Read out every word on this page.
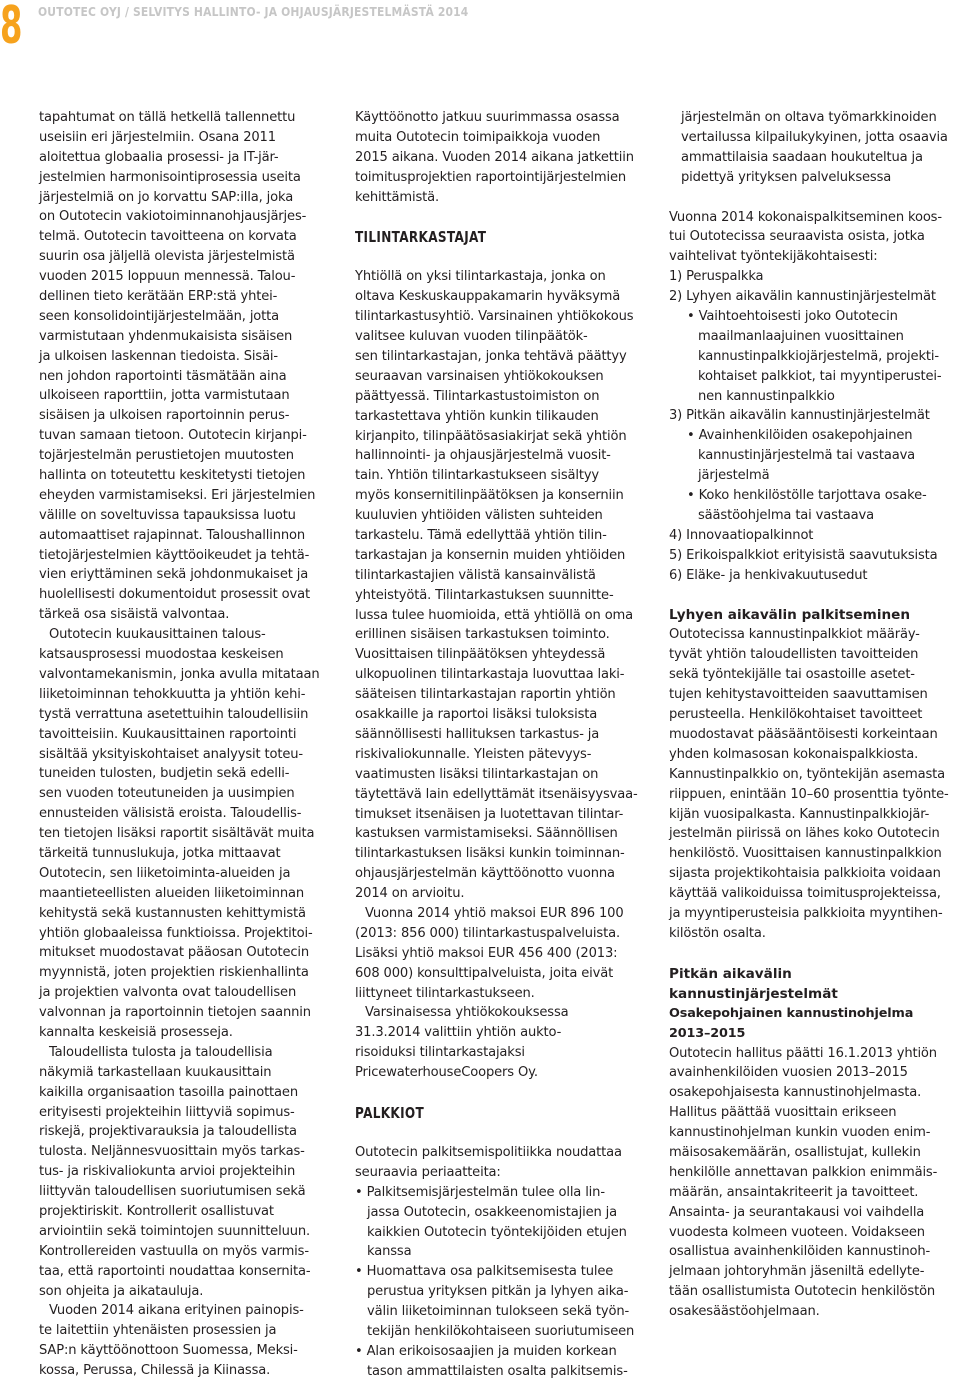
8 OUTOTEC OYJ / SELVITYS HALLINTO- JA OHJAUSJÄRJESTELMÄSTÄ 2014
tapahtumat on tällä hetkellä tallennettu
useisiin eri järjestelmiin. Osana 2011
aloitettua globaalia prosessi- ja IT-jär-
jestelmien harmonisointiprosessia useita
järjestelmiä on jo korvattu SAP:illa, joka
on Outotecin vakiotoiminnanohjausjärjes-
telmä. Outotecin tavoitteena on korvata
suurin osa jäljellä olevista järjestelmistä
vuoden 2015 loppuun mennessä. Talou-
dellinen tieto kerätään ERP:stä yhtei-
seen konsolidointijärjestelmään, jotta
varmistutaan yhdenmukaisista sisäisen
ja ulkoisen laskennan tiedoista. Sisäi-
nen johdon raportointi täsmätään aina
ulkoiseen raporttiin, jotta varmistutaan
sisäisen ja ulkoisen raportoinnin perus-
tuvan samaan tietoon. Outotecin kirjanpi-
tojärjestelmän perustietojen muutosten
hallinta on toteutettu keskitetysti tietojen
eheyden varmistamiseksi. Eri järjestelmien
välille on soveltuvissa tapauksissa luotu
automaattiset rajapinnat. Taloushallinnon
tietojärjestelmien käyttöoikeudet ja tehtä-
vien eriyttäminen sekä johdonmukaiset ja
huolellisesti dokumentoidut prosessit ovat
tärkeä osa sisäistä valvontaa.
Outotecin kuukausittainen talous-
katsausprosessi muodostaa keskeisen
valvontamekanismin, jonka avulla mitataan
liiketoiminnan tehokkuutta ja yhtiön kehi-
tystä verrattuna asetettuihin taloudellisiin
tavoitteisiin. Kuukausittainen raportointi
sisältää yksityiskohtaiset analyysit toteu-
tuneiden tulosten, budjetin sekä edelli-
sen vuoden toteutuneiden ja uusimpien
ennusteiden välisistä eroista. Taloudellis-
ten tietojen lisäksi raportit sisältävät muita
tärkeitä tunnuslukuja, jotka mittaavat
Outotecin, sen liiketoiminta-alueiden ja
maantieteellisten alueiden liiketoiminnan
kehitystä sekä kustannusten kehittymistä
yhtiön globaaleissa funktioissa. Projektitoi-
mitukset muodostavat pääosan Outotecin
myynnistä, joten projektien riskienhallinta
ja projektien valvonta ovat taloudellisen
valvonnan ja raportoinnin tietojen saannin
kannalta keskeisiä prosesseja.
Taloudellista tulosta ja taloudellisia
näkymiä tarkastellaan kuukausittain
kaikilla organisaation tasoilla painottaen
erityisesti projekteihin liittyviä sopimus-
riskejä, projektivarauksia ja taloudellista
tulosta. Neljännesvuosittain myös tarkas-
tus- ja riskivaliokunta arvioi projekteihin
liittyvän taloudellisen suoriutumisen sekä
projektiriskit. Kontrollerit osallistuvat
arviointiin sekä toimintojen suunnitteluun.
Kontrollereiden vastuulla on myös varmis-
taa, että raportointi noudattaa konsernita-
son ohjeita ja aikatauluja.
Vuoden 2014 aikana erityinen painopis-
te laitettiin yhtenäisten prosessien ja
SAP:n käyttöönottoon Suomessa, Meksi-
kossa, Perussa, Chilessä ja Kiinassa.
Käyttöönotto jatkuu suurimmassa osassa
muita Outotecin toimipaikkoja vuoden
2015 aikana. Vuoden 2014 aikana jatkettiin
toimitusprojektien raportointijärjestelmien
kehittämistä.
TILINTARKASTAJAT
Yhtiöllä on yksi tilintarkastaja, jonka on
oltava Keskuskauppakamarin hyväksymä
tilintarkastusyhtiö. Varsinainen yhtiökokous
valitsee kuluvan vuoden tilinpäätök-
sen tilintarkastajan, jonka tehtävä päättyy
seuraavan varsinaisen yhtiökokouksen
päättyessä. Tilintarkastustoimiston on
tarkastettava yhtiön kunkin tilikauden
kirjanpito, tilinpäätösasiakirjat sekä yhtiön
hallinnointi- ja ohjausjärjestelmä vuosit-
tain. Yhtiön tilintarkastukseen sisältyy
myös konsernitilinpäätöksen ja konserniin
kuuluvien yhtiöiden välisten suhteiden
tarkastelu. Tämä edellyttää yhtiön tilin-
tarkastajan ja konsernin muiden yhtiöiden
tilintarkastajien välistä kansainvälistä
yhteistyötä. Tilintarkastuksen suunnitte-
lussa tulee huomioida, että yhtiöllä on oma
erillinen sisäisen tarkastuksen toiminto.
Vuosittaisen tilinpäätöksen yhteydessä
ulkopuolinen tilintarkastaja luovuttaa laki-
sääteisen tilintarkastajan raportin yhtiön
osakkaille ja raportoi lisäksi tuloksista
säännöllisesti hallituksen tarkastus- ja
riskivaliokunnalle. Yleisten pätevyys-
vaatimusten lisäksi tilintarkastajan on
täytettävä lain edellyttämät itsenäisyysvaa-
timukset itsenäisen ja luotettavan tilintar-
kastuksen varmistamiseksi. Säännöllisen
tilintarkastuksen lisäksi kunkin toiminnan-
ohjausjärjestelmän käyttöönotto vuonna
2014 on arvioitu.
Vuonna 2014 yhtiö maksoi EUR 896 100
(2013: 856 000) tilintarkastuspalveluista.
Lisäksi yhtiö maksoi EUR 456 400 (2013:
608 000) konsulttipalveluista, joita eivät
liittyneet tilintarkastukseen.
Varsinaisessa yhtiökokouksessa
31.3.2014 valittiin yhtiön aukto-
risoiduksi tilintarkastajaksi
PricewaterhouseCoopers Oy.
PALKKIOT
Outotecin palkitsemispolitiikka noudattaa
seuraavia periaatteita:
• Palkitsemisjärjestelmän tulee olla lin-
jassa Outotecin, osakkeenomistajien ja
kaikkien Outotecin työntekijöiden etujen
kanssa
• Huomattava osa palkitsemisesta tulee
perustua yrityksen pitkän ja lyhyen aika-
välin liiketoiminnan tulokseen sekä työn-
tekijän henkilökohtaiseen suoriutumiseen
• Alan erikoisosaajien ja muiden korkean
tason ammattilaisten osalta palkitsemis-
järjestelmän on oltava työmarkkinoiden
vertailussa kilpailukykyinen, jotta osaavia
ammattilaisia saadaan houkuteltua ja
pidettyä yrityksen palveluksessa
Vuonna 2014 kokonaispalkitseminen koos-
tui Outotecissa seuraavista osista, jotka
vaihtelivat työntekijäkohtaisesti:
1) Peruspalkka
2) Lyhyen aikavälin kannustinjärjestelmät
• Vaihtoehtoisesti joko Outotecin
maailmanlaajuinen vuosittainen
kannustinpalkkiojärjestelmä, projekti-
kohtaiset palkkiot, tai myyntiperustei-
nen kannustinpalkkio
3) Pitkän aikavälin kannustinjärjestelmät
• Avainhenkilöiden osakepohjainen
kannustinjärjestelmä tai vastaava
järjestelmä
• Koko henkilöstölle tarjottava osake-
säästöohjelma tai vastaava
4) Innovaatiopalkinnot
5) Erikoispalkkiot erityisistä saavutuksista
6) Eläke- ja henkivakuutusedut
Lyhyen aikavälin palkitseminen
Outotecissa kannustinpalkkiot määräy-
tyvät yhtiön taloudellisten tavoitteiden
sekä työntekijälle tai osastoille asetet-
tujen kehitystavoitteiden saavuttamisen
perusteella. Henkilökohtaiset tavoitteet
muodostavat pääsääntöisesti korkeintaan
yhden kolmasosan kokonaispalkkiosta.
Kannustinpalkkio on, työntekijän asemasta
riippuen, enintään 10–60 prosenttia työnte-
kijän vuosipalkasta. Kannustinpalkkiojär-
jestelmän piirissä on lähes koko Outotecin
henkilöstö. Vuosittaisen kannustinpalkkion
sijasta projektikohtaisia palkkioita voidaan
käyttää valikoiduissa toimitusprojekteissa,
ja myyntiperusteisia palkkioita myyntihen-
kilöstön osalta.
Pitkän aikavälin
kannustinjärjestelmät
Osakepohjainen kannustinohjelma
2013–2015
Outotecin hallitus päätti 16.1.2013 yhtiön
avainhenkilöiden vuosien 2013–2015
osakepohjaisesta kannustinohjelmasta.
Hallitus päättää vuosittain erikseen
kannustinohjelman kunkin vuoden enim-
mäisosakemäärän, osallistujat, kullekin
henkilölle annettavan palkkion enimmäis-
määrän, ansaintakriteerit ja tavoitteet.
Ansainta- ja seurantakausi voi vaihdella
vuodesta kolmeen vuoteen. Voidakseen
osallistua avainhenkilöiden kannustinoh-
jelmaan johtoryhmän jäseniltä edellyte-
tään osallistumista Outotecin henkilöstön
osakesäästöohjelmaan.
